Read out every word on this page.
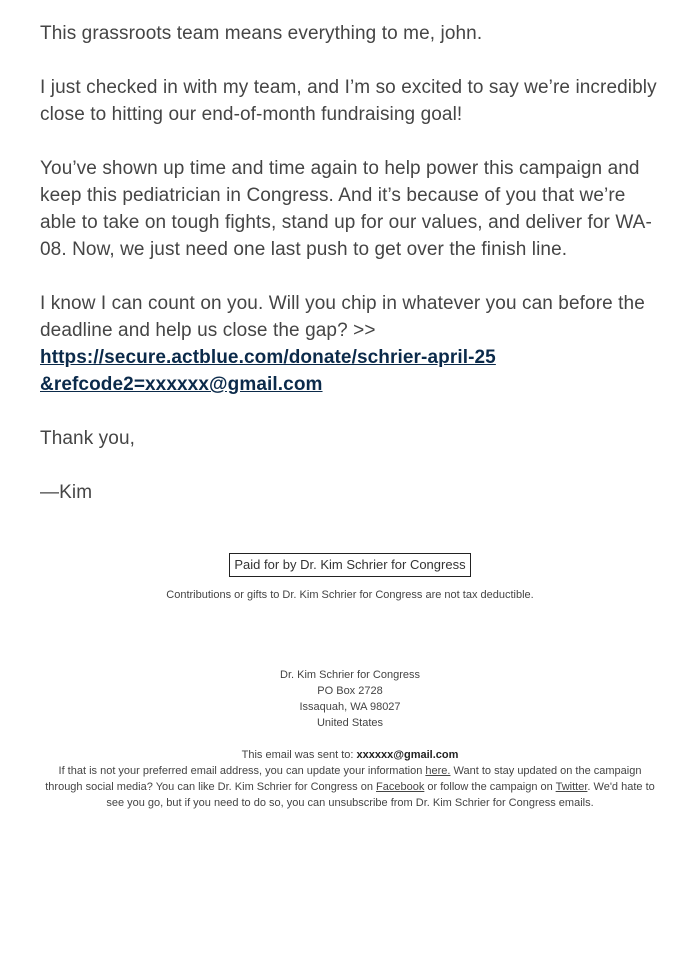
This grassroots team means everything to me, john.

I just checked in with my team, and I’m so excited to say we’re incredibly close to hitting our end-of-month fundraising goal!

You’ve shown up time and time again to help power this campaign and keep this pediatrician in Congress. And it’s because of you that we’re able to take on tough fights, stand up for our values, and deliver for WA-08. Now, we just need one last push to get over the finish line.

I know I can count on you. Will you chip in whatever you can before the deadline and help us close the gap? >>
https://secure.actblue.com/donate/schrier-april-25
&refcode2=xxxxxx@gmail.com

Thank you,

—Kim

Paid for by Dr. Kim Schrier for Congress
Contributions or gifts to Dr. Kim Schrier for Congress are not tax deductible.
Dr. Kim Schrier for Congress
PO Box 2728
Issaquah, WA 98027
United States
This email was sent to: xxxxxx@gmail.com
If that is not your preferred email address, you can update your information here. Want to stay updated on the campaign through social media? You can like Dr. Kim Schrier for Congress on Facebook or follow the campaign on Twitter. We'd hate to see you go, but if you need to do so, you can unsubscribe from Dr. Kim Schrier for Congress emails.
